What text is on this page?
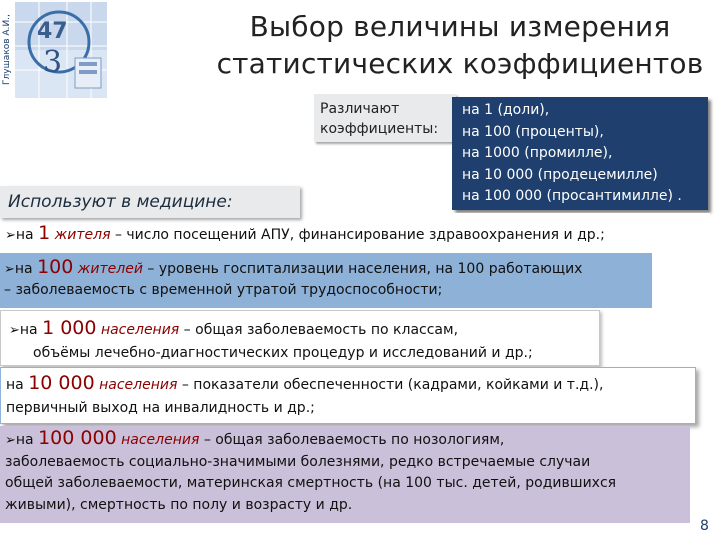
Глушаков А.И., 47
3
Выбор величины измерения
статистических коэффициентов
Различают
коэффициенты:
на 1 (доли),
на 100 (проценты),
на 1000 (промилле),
на 10 000 (продецемилле)
на 100 000 (просантимилле) .
➢на 1 жителя – число посещений АПУ, финансирование здравоохранения и др.;
➢на 100 жителей – уровень госпитализации населения, на 100 работающих
– заболеваемость с временной утратой трудоспособности;
➢на 1 000 населения – общая заболеваемость по классам,
объёмы лечебно-диагностических процедур и исследований и др.;
на 10 000 населения – показатели обеспеченности (кадрами, койками и т.д.),
первичный выход на инвалидность и др.;
➢на 100 000 населения – общая заболеваемость по нозологиям,
заболеваемость социально-значимыми болезнями, редко встречаемые случаи
общей заболеваемости, материнская смертность (на 100 тыс. детей, родившихся
живыми), смертность по полу и возрасту и др.
Используют в медицине:
8
